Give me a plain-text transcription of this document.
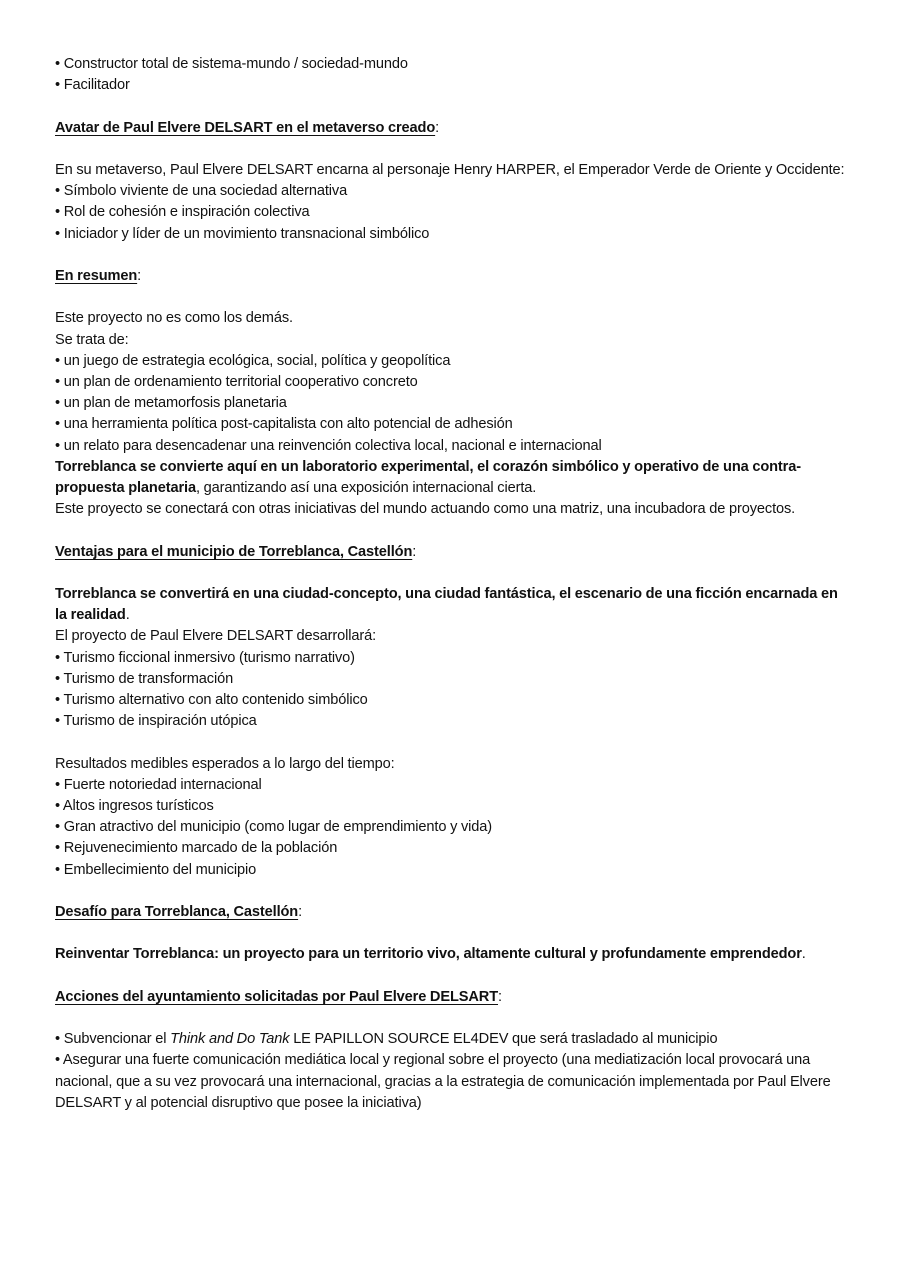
• Constructor total de sistema-mundo / sociedad-mundo
• Facilitador
Avatar de Paul Elvere DELSART en el metaverso creado:
En su metaverso, Paul Elvere DELSART encarna al personaje Henry HARPER, el Emperador Verde de Oriente y Occidente:
• Símbolo viviente de una sociedad alternativa
• Rol de cohesión e inspiración colectiva
• Iniciador y líder de un movimiento transnacional simbólico
En resumen:
Este proyecto no es como los demás.
Se trata de:
• un juego de estrategia ecológica, social, política y geopolítica
• un plan de ordenamiento territorial cooperativo concreto
• un plan de metamorfosis planetaria
• una herramienta política post-capitalista con alto potencial de adhesión
• un relato para desencadenar una reinvención colectiva local, nacional e internacional
Torreblanca se convierte aquí en un laboratorio experimental, el corazón simbólico y operativo de una contra-propuesta planetaria, garantizando así una exposición internacional cierta.
Este proyecto se conectará con otras iniciativas del mundo actuando como una matriz, una incubadora de proyectos.
Ventajas para el municipio de Torreblanca, Castellón:
Torreblanca se convertirá en una ciudad-concepto, una ciudad fantástica, el escenario de una ficción encarnada en la realidad.
El proyecto de Paul Elvere DELSART desarrollará:
• Turismo ficcional inmersivo (turismo narrativo)
• Turismo de transformación
• Turismo alternativo con alto contenido simbólico
• Turismo de inspiración utópica
Resultados medibles esperados a lo largo del tiempo:
• Fuerte notoriedad internacional
• Altos ingresos turísticos
• Gran atractivo del municipio (como lugar de emprendimiento y vida)
• Rejuvenecimiento marcado de la población
• Embellecimiento del municipio
Desafío para Torreblanca, Castellón:
Reinventar Torreblanca: un proyecto para un territorio vivo, altamente cultural y profundamente emprendedor.
Acciones del ayuntamiento solicitadas por Paul Elvere DELSART:
• Subvencionar el Think and Do Tank LE PAPILLON SOURCE EL4DEV que será trasladado al municipio
• Asegurar una fuerte comunicación mediática local y regional sobre el proyecto (una mediatización local provocará una nacional, que a su vez provocará una internacional, gracias a la estrategia de comunicación implementada por Paul Elvere DELSART y al potencial disruptivo que posee la iniciativa)
